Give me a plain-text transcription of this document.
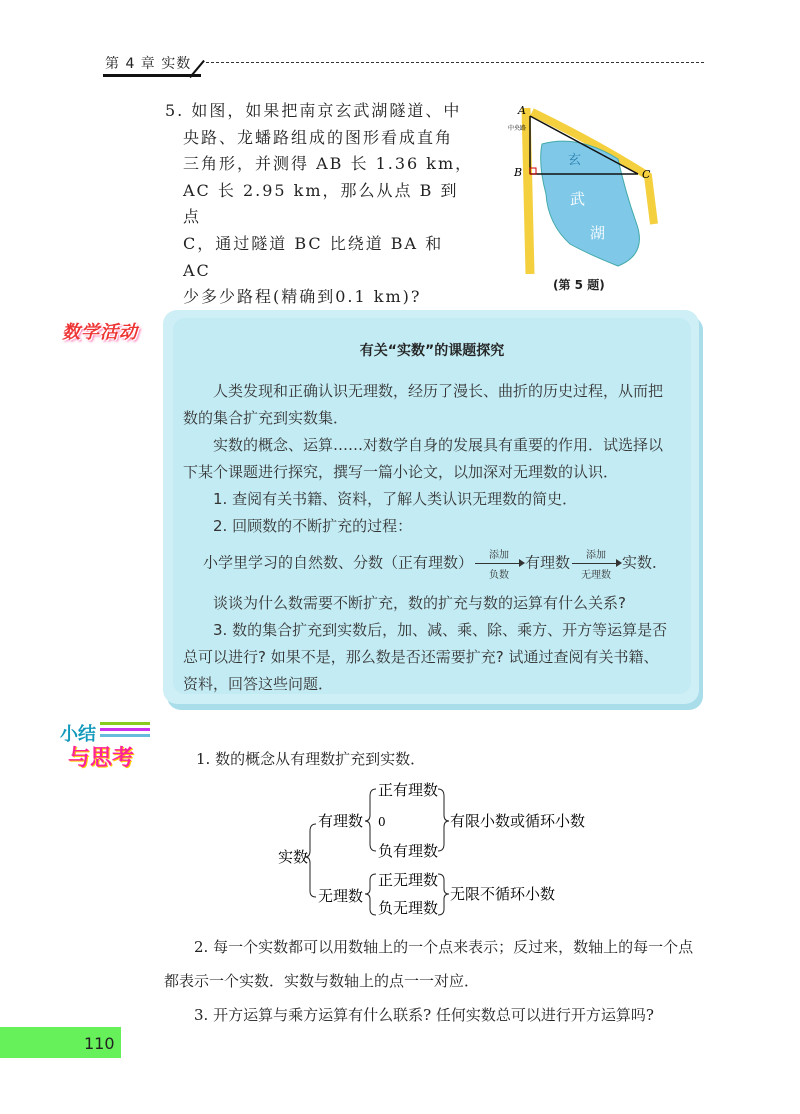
第 4 章 实数
5. 如图，如果把南京玄武湖隧道、中
央路、龙蟠路组成的图形看成直角
三角形，并测得 AB 长 1.36 km，
AC 长 2.95 km，那么从点 B 到点
C，通过隧道 BC 比绕道 BA 和 AC
少多少路程(精确到0.1 km)?
A
B	C
中央路
玄
武
湖
(第 5 题)
数学活动
有关“实数”的课题探究

人类发现和正确认识无理数，经历了漫长、曲折的历史过程，从而把数的集合扩充到实数集．

实数的概念、运算……对数学自身的发展具有重要的作用．试选择以下某个课题进行探究，撰写一篇小论文，以加深对无理数的认识．

1. 查阅有关书籍、资料，了解人类认识无理数的简史．

2. 回顾数的不断扩充的过程：

小学里学习的自然数、分数（正有理数）	添加
负数
有理数	添加
无理数
实数．

谈谈为什么数需要不断扩充，数的扩充与数的运算有什么关系?

3. 数的集合扩充到实数后，加、减、乘、除、乘方、开方等运算是否总可以进行? 如果不是，那么数是否还需要扩充? 试通过查阅有关书籍、资料，回答这些问题．

小结
与思考	1. 数的概念从有理数扩充到实数．
实数
有理数
无理数
正有理数
0
负有理数
有限小数或循环小数
正无理数
负无理数
无限不循环小数

2. 每一个实数都可以用数轴上的一个点来表示；反过来，数轴上的每一个点都表示一个实数．实数与数轴上的点一一对应．

3. 开方运算与乘方运算有什么联系? 任何实数总可以进行开方运算吗?

110
